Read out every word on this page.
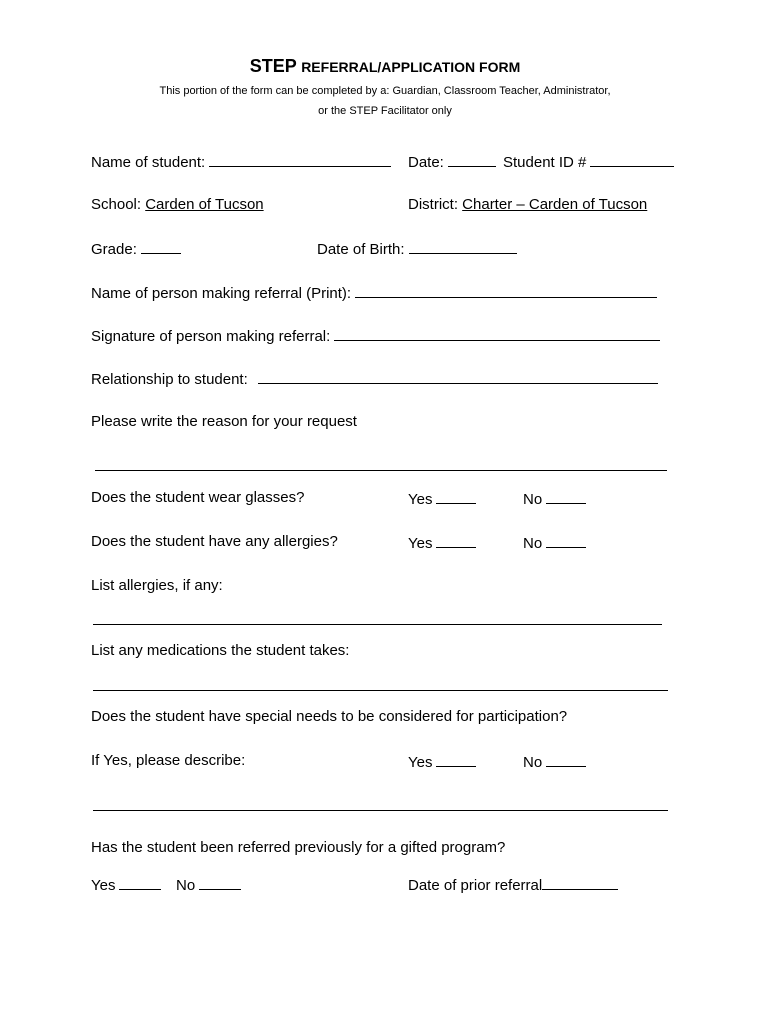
STEP REFERRAL/APPLICATION FORM
This portion of the form can be completed by a: Guardian, Classroom Teacher, Administrator,
or the STEP Facilitator only
Name of student:	Date:	Student ID #
School: Carden of Tucson	District: Charter – Carden of Tucson
Grade:	Date of Birth:
Name of person making referral (Print):
Signature of person making referral:
Relationship to student:
Please write the reason for your request
Does the student wear glasses?	Yes	No
Does the student have any allergies?	Yes	No
List allergies, if any:
List any medications the student takes:
Does the student have special needs to be considered for participation?
If Yes, please describe:	Yes	No
Has the student been referred previously for a gifted program?
Yes	No	Date of prior referral
